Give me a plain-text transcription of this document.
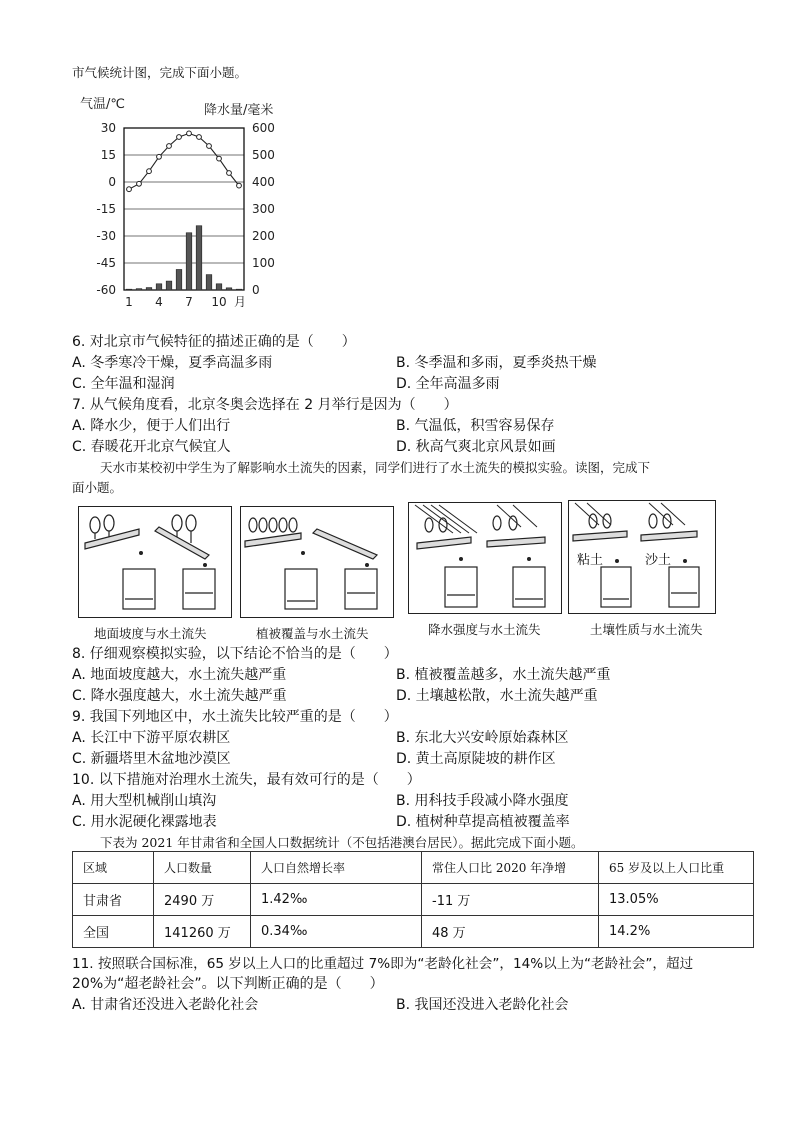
市气候统计图，完成下面小题。
气温/℃	降水量/毫米
30
15
0
-15
-30
-45
-60
600
500
400
300
200
100
0
1 4 7 10 月
6. 对北京市气候特征的描述正确的是（　　）
A. 冬季寒冷干燥，夏季高温多雨	B. 冬季温和多雨，夏季炎热干燥
C. 全年温和湿润	D. 全年高温多雨
7. 从气候角度看，北京冬奥会选择在 2 月举行是因为（　　）
A. 降水少，便于人们出行	B. 气温低，积雪容易保存
C. 春暖花开北京气候宜人	D. 秋高气爽北京风景如画
天水市某校初中学生为了解影响水土流失的因素，同学们进行了水土流失的模拟实验。读图，完成下
面小题。
地面坡度与水土流失	植被覆盖与水土流失	降水强度与水土流失
粘土	沙土
土壤性质与水土流失
8. 仔细观察模拟实验，以下结论不恰当的是（　　）
A. 地面坡度越大，水土流失越严重	B. 植被覆盖越多，水土流失越严重
C. 降水强度越大，水土流失越严重	D. 土壤越松散，水土流失越严重
9. 我国下列地区中，水土流失比较严重的是（　　）
A. 长江中下游平原农耕区	B. 东北大兴安岭原始森林区
C. 新疆塔里木盆地沙漠区	D. 黄土高原陡坡的耕作区
10. 以下措施对治理水土流失，最有效可行的是（　　）
A. 用大型机械削山填沟	B. 用科技手段减小降水强度
C. 用水泥硬化裸露地表	D. 植树种草提高植被覆盖率
下表为 2021 年甘肃省和全国人口数据统计（不包括港澳台居民）。据此完成下面小题。
区域	人口数量	人口自然增长率	常住人口比 2020 年净增	65 岁及以上人口比重
甘肃省	2490 万	1.42‰	-11 万	13.05%
全国	141260 万	0.34‰	48 万	14.2%
11. 按照联合国标准，65 岁以上人口的比重超过 7%即为“老龄化社会”，14%以上为“老龄社会”，超过
20%为“超老龄社会”。以下判断正确的是（　　）
A. 甘肃省还没进入老龄化社会	B. 我国还没进入老龄化社会
